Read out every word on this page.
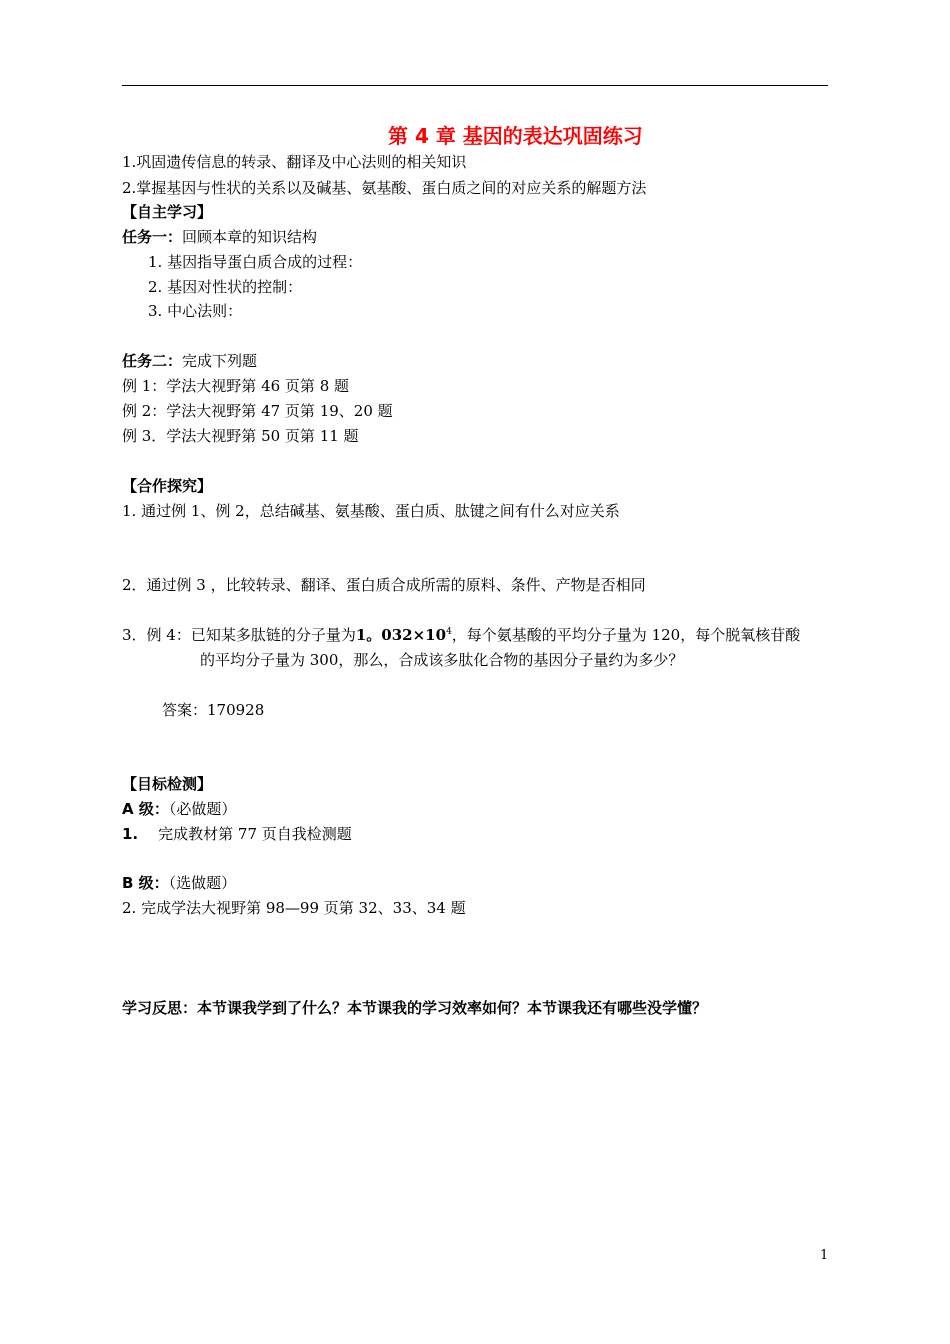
第 4 章 基因的表达巩固练习
1.巩固遗传信息的转录、翻译及中心法则的相关知识
2.掌握基因与性状的关系以及碱基、氨基酸、蛋白质之间的对应关系的解题方法
【自主学习】
任务一：回顾本章的知识结构
1. 基因指导蛋白质合成的过程：
2. 基因对性状的控制：
3. 中心法则：
任务二：完成下列题
例 1：学法大视野第 46 页第 8 题
例 2：学法大视野第 47 页第 19、20 题
例 3．学法大视野第 50 页第 11 题
【合作探究】
1. 通过例 1、例 2，总结碱基、氨基酸、蛋白质、肽键之间有什么对应关系
2．通过例 3 ，比较转录、翻译、蛋白质合成所需的原料、条件、产物是否相同
3．例 4：已知某多肽链的分子量为1。$032\times 10^4$，每个氨基酸的平均分子量为 120，每个脱氧核苷酸
的平均分子量为 300，那么，合成该多肽化合物的基因分子量约为多少？
答案：170928
【目标检测】
A 级：（必做题）
1. 完成教材第 77 页自我检测题
B 级：（选做题）
2. 完成学法大视野第 98—99 页第 32、33、34 题
学习反思：本节课我学到了什么？本节课我的学习效率如何？本节课我还有哪些没学懂？
1
